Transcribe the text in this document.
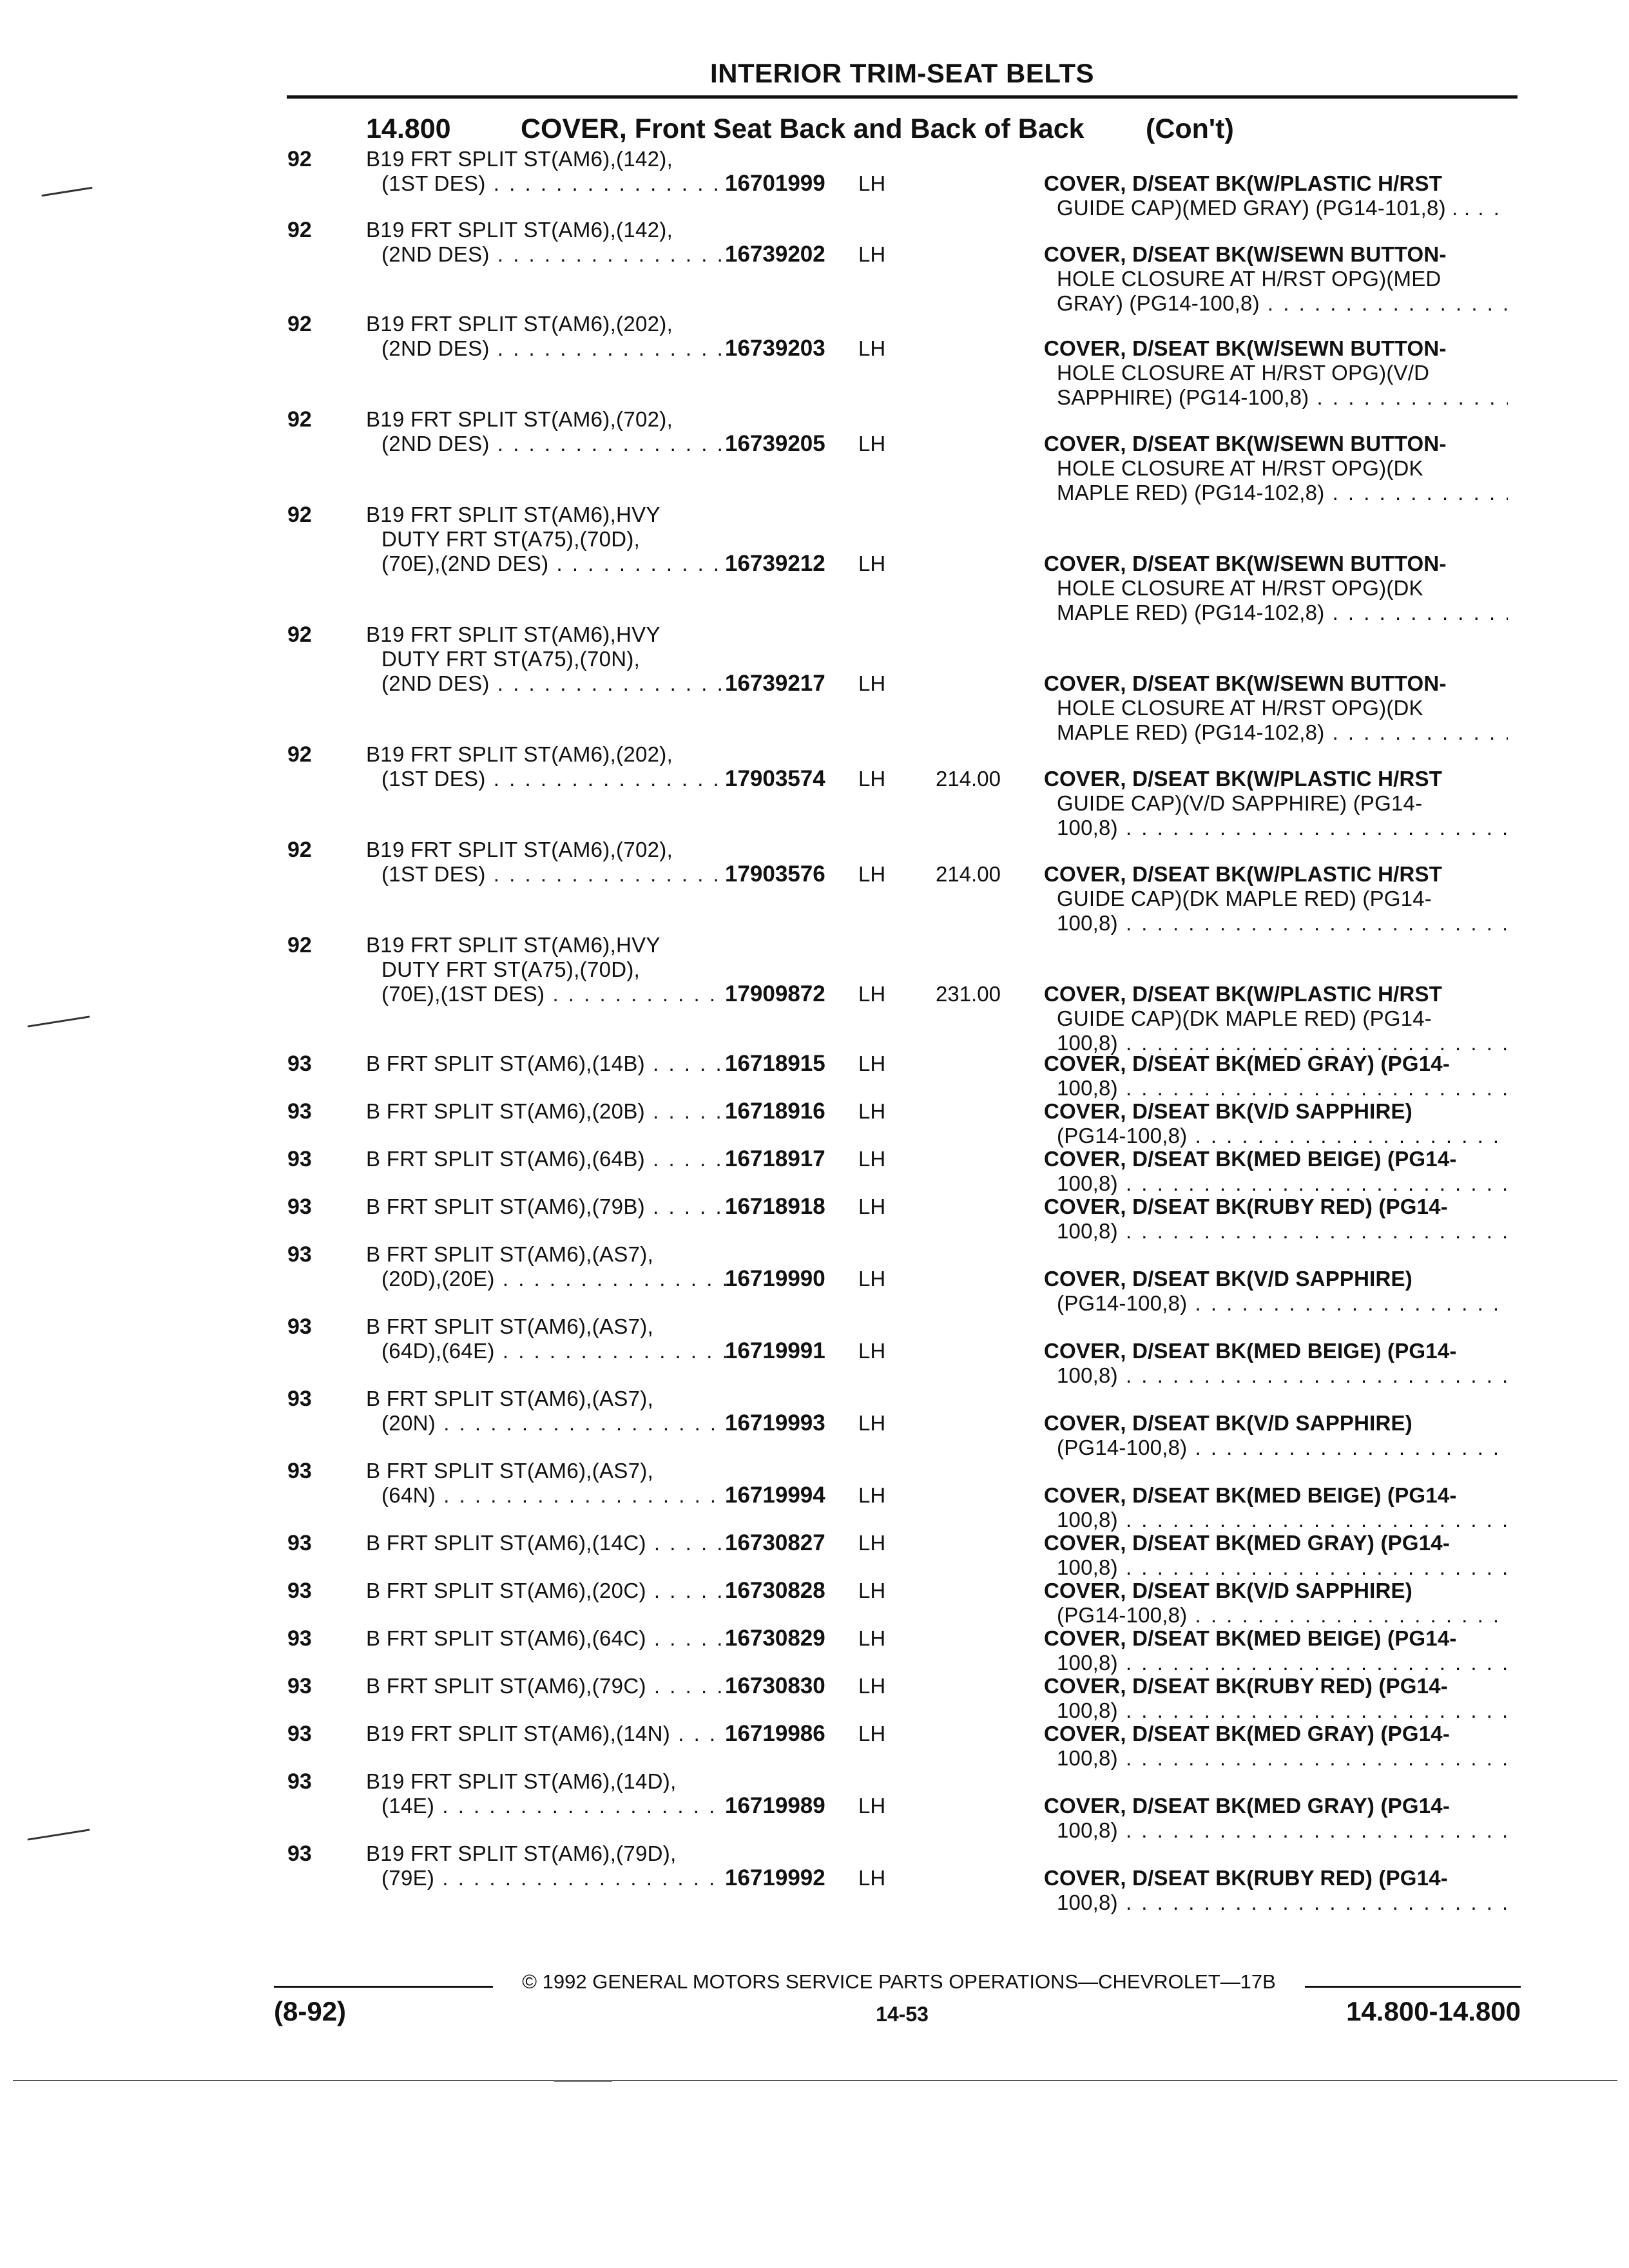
INTERIOR TRIM-SEAT BELTS
14.800	COVER, Front Seat Back and Back of Back (Con't)
92	B19 FRT SPLIT ST(AM6),(142),
(1ST DES) . . .	16701999	LH	COVER, D/SEAT BK(W/PLASTIC H/RST
GUIDE CAP)(MED GRAY) (PG14-101,8) . . . . .
92	B19 FRT SPLIT ST(AM6),(142),
(2ND DES) . . .	16739202	LH	COVER, D/SEAT BK(W/SEWN BUTTON-
HOLE CLOSURE AT H/RST OPG)(MED
GRAY) (PG14-100,8) . . .
92	B19 FRT SPLIT ST(AM6),(202),
(2ND DES) . . .	16739203	LH	COVER, D/SEAT BK(W/SEWN BUTTON-
HOLE CLOSURE AT H/RST OPG)(V/D
SAPPHIRE) (PG14-100,8) . . .
92	B19 FRT SPLIT ST(AM6),(702),
(2ND DES) . . .	16739205	LH	COVER, D/SEAT BK(W/SEWN BUTTON-
HOLE CLOSURE AT H/RST OPG)(DK
MAPLE RED) (PG14-102,8) . . .
92	B19 FRT SPLIT ST(AM6),HVY
DUTY FRT ST(A75),(70D),
(70E),(2ND DES) . . .	16739212	LH	COVER, D/SEAT BK(W/SEWN BUTTON-
HOLE CLOSURE AT H/RST OPG)(DK
MAPLE RED) (PG14-102,8) . . .
92	B19 FRT SPLIT ST(AM6),HVY
DUTY FRT ST(A75),(70N),
(2ND DES) . . .	16739217	LH	COVER, D/SEAT BK(W/SEWN BUTTON-
HOLE CLOSURE AT H/RST OPG)(DK
MAPLE RED) (PG14-102,8) . . .
92	B19 FRT SPLIT ST(AM6),(202),
(1ST DES) . . .	17903574	LH	214.00	COVER, D/SEAT BK(W/PLASTIC H/RST
GUIDE CAP)(V/D SAPPHIRE) (PG14-
100,8) . . .
92	B19 FRT SPLIT ST(AM6),(702),
(1ST DES) . . .	17903576	LH	214.00	COVER, D/SEAT BK(W/PLASTIC H/RST
GUIDE CAP)(DK MAPLE RED) (PG14-
100,8) . . .
92	B19 FRT SPLIT ST(AM6),HVY
DUTY FRT ST(A75),(70D),
(70E),(1ST DES) . . .	17909872	LH	231.00	COVER, D/SEAT BK(W/PLASTIC H/RST
GUIDE CAP)(DK MAPLE RED) (PG14-
100,8) . . .
93	B FRT SPLIT ST(AM6),(14B) . . .	16718915	LH	COVER, D/SEAT BK(MED GRAY) (PG14-
100,8) . . .
93	B FRT SPLIT ST(AM6),(20B) . . .	16718916	LH	COVER, D/SEAT BK(V/D SAPPHIRE)
(PG14-100,8) . . .
93	B FRT SPLIT ST(AM6),(64B) . . .	16718917	LH	COVER, D/SEAT BK(MED BEIGE) (PG14-
100,8) . . .
93	B FRT SPLIT ST(AM6),(79B) . . .	16718918	LH	COVER, D/SEAT BK(RUBY RED) (PG14-
100,8) . . .
93	B FRT SPLIT ST(AM6),(AS7),
(20D),(20E) . . .	16719990	LH	COVER, D/SEAT BK(V/D SAPPHIRE)
(PG14-100,8) . . .
93	B FRT SPLIT ST(AM6),(AS7),
(64D),(64E) . . .	16719991	LH	COVER, D/SEAT BK(MED BEIGE) (PG14-
100,8) . . .
93	B FRT SPLIT ST(AM6),(AS7),
(20N) . . .	16719993	LH	COVER, D/SEAT BK(V/D SAPPHIRE)
(PG14-100,8) . . .
93	B FRT SPLIT ST(AM6),(AS7),
(64N) . . .	16719994	LH	COVER, D/SEAT BK(MED BEIGE) (PG14-
100,8) . . .
93	B FRT SPLIT ST(AM6),(14C) . . .	16730827	LH	COVER, D/SEAT BK(MED GRAY) (PG14-
100,8) . . .
93	B FRT SPLIT ST(AM6),(20C) . . .	16730828	LH	COVER, D/SEAT BK(V/D SAPPHIRE)
(PG14-100,8) . . .
93	B FRT SPLIT ST(AM6),(64C) . . .	16730829	LH	COVER, D/SEAT BK(MED BEIGE) (PG14-
100,8) . . .
93	B FRT SPLIT ST(AM6),(79C) . . .	16730830	LH	COVER, D/SEAT BK(RUBY RED) (PG14-
100,8) . . .
93	B19 FRT SPLIT ST(AM6),(14N) . . .	16719986	LH	COVER, D/SEAT BK(MED GRAY) (PG14-
100,8) . . .
93	B19 FRT SPLIT ST(AM6),(14D),
(14E) . . .	16719989	LH	COVER, D/SEAT BK(MED GRAY) (PG14-
100,8) . . .
93	B19 FRT SPLIT ST(AM6),(79D),
(79E) . . .	16719992	LH	COVER, D/SEAT BK(RUBY RED) (PG14-
100,8) . . .
© 1992 GENERAL MOTORS SERVICE PARTS OPERATIONS—CHEVROLET—17B
(8-92)	14-53	14.800-14.800
